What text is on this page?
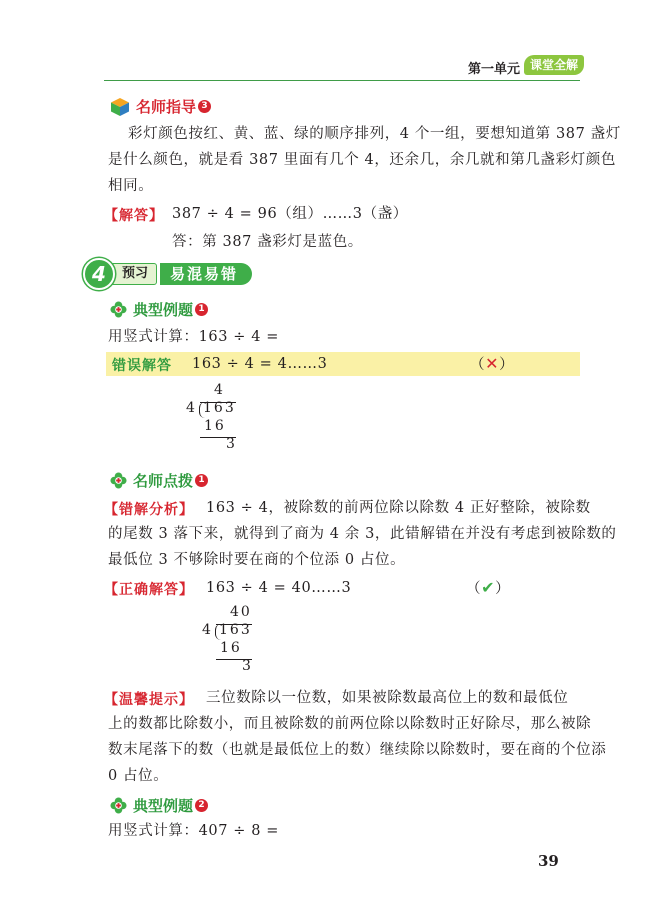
第一单元 课堂全解
名师指导 3
彩灯颜色按红、黄、蓝、绿的顺序排列，4 个一组，要想知道第 387 盏灯
是什么颜色，就是看 387 里面有几个 4，还余几，余几就和第几盏彩灯颜色
相同。
【解答】 387 ÷ 4 = 96（组）……3（盏）
答：第 387 盏彩灯是蓝色。
4	预习	易混易错
典型例题 1
用竖式计算：163 ÷ 4 =
错误解答 163 ÷ 4 = 4……3	（✕）
4
4 163
16
3
名师点拨 1
【错解分析】 163 ÷ 4，被除数的前两位除以除数 4 正好整除，被除数
的尾数 3 落下来，就得到了商为 4 余 3，此错解错在并没有考虑到被除数的
最低位 3 不够除时要在商的个位添 0 占位。
【正确解答】 163 ÷ 4 = 40……3	（✔）
40
4 163
16
3
【温馨提示】 三位数除以一位数，如果被除数最高位上的数和最低位
上的数都比除数小，而且被除数的前两位除以除数时正好除尽，那么被除
数末尾落下的数（也就是最低位上的数）继续除以除数时，要在商的个位添
0 占位。
典型例题 2
用竖式计算：407 ÷ 8 =
39
